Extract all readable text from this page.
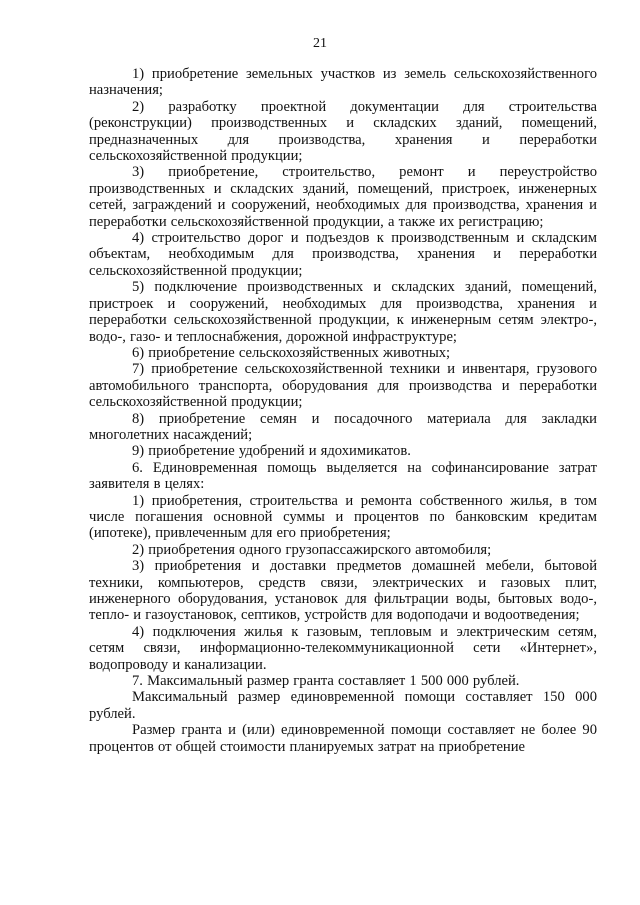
21

1) приобретение земельных участков из земель сельскохозяйственного назначения;

2) разработку проектной документации для строительства (реконструкции) производственных и складских зданий, помещений, предназначенных для производства, хранения и переработки сельскохозяйственной продукции;

3) приобретение, строительство, ремонт и переустройство производственных и складских зданий, помещений, пристроек, инженерных сетей, заграждений и сооружений, необходимых для производства, хранения и переработки сельскохозяйственной продукции, а также их регистрацию;

4) строительство дорог и подъездов к производственным и складским объектам, необходимым для производства, хранения и переработки сельскохозяйственной продукции;

5) подключение производственных и складских зданий, помещений, пристроек и сооружений, необходимых для производства, хранения и переработки сельскохозяйственной продукции, к инженерным сетям электро-, водо-, газо- и теплоснабжения, дорожной инфраструктуре;

6) приобретение сельскохозяйственных животных;

7) приобретение сельскохозяйственной техники и инвентаря, грузового автомобильного транспорта, оборудования для производства и переработки сельскохозяйственной продукции;

8) приобретение семян и посадочного материала для закладки многолетних насаждений;

9) приобретение удобрений и ядохимикатов.

6. Единовременная помощь выделяется на софинансирование затрат заявителя в целях:

1) приобретения, строительства и ремонта собственного жилья, в том числе погашения основной суммы и процентов по банковским кредитам (ипотеке), привлеченным для его приобретения;

2) приобретения одного грузопассажирского автомобиля;

3) приобретения и доставки предметов домашней мебели, бытовой техники, компьютеров, средств связи, электрических и газовых плит, инженерного оборудования, установок для фильтрации воды, бытовых водо-, тепло- и газоустановок, септиков, устройств для водоподачи и водоотведения;

4) подключения жилья к газовым, тепловым и электрическим сетям, сетям связи, информационно-телекоммуникационной сети «Интернет», водопроводу и канализации.

7. Максимальный размер гранта составляет 1 500 000 рублей.

Максимальный размер единовременной помощи составляет 150 000 рублей.

Размер гранта и (или) единовременной помощи составляет не более 90 процентов от общей стоимости планируемых затрат на приобретение
